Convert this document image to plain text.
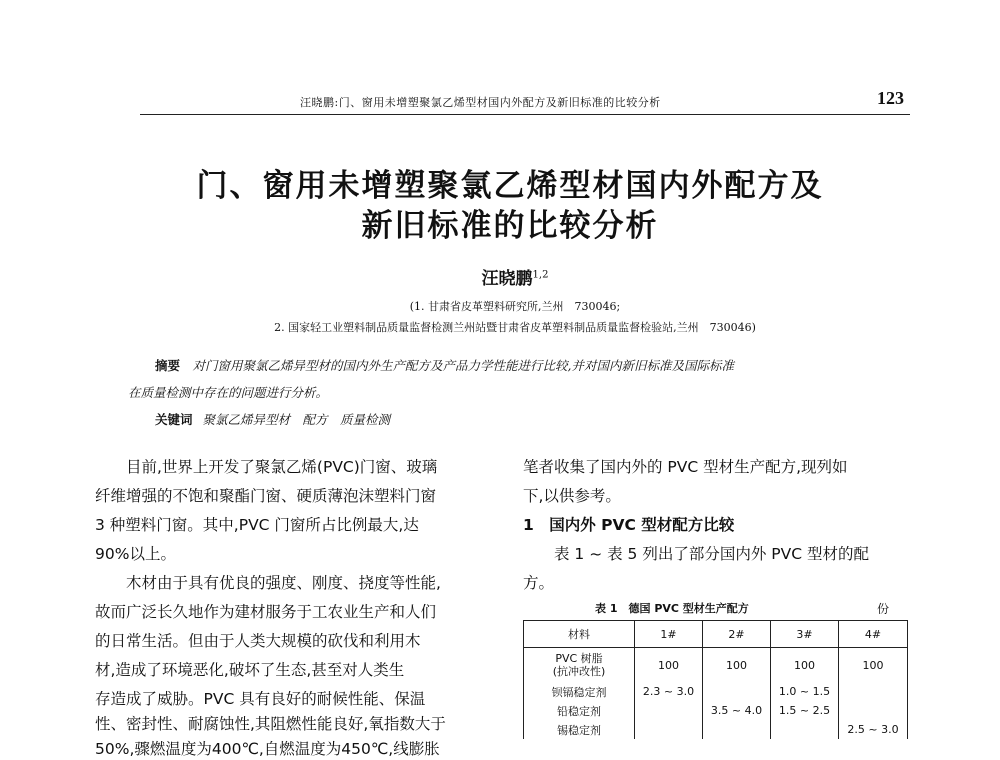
汪晓鹏:门、窗用未增塑聚氯乙烯型材国内外配方及新旧标准的比较分析	123
门、窗用未增塑聚氯乙烯型材国内外配方及
新旧标准的比较分析
汪晓鹏$^{1,2}$
(1. 甘肃省皮革塑料研究所,兰州　730046;
2. 国家轻工业塑料制品质量监督检测兰州站暨甘肃省皮革塑料制品质量监督检验站,兰州　730046)
摘要　 对门窗用聚氯乙烯异型材的国内外生产配方及产品力学性能进行比较,并对国内新旧标准及国际标准
在质量检测中存在的问题进行分析。
关键词 聚氯乙烯异型材　配方　质量检测
　　目前,世界上开发了聚氯乙烯(PVC)门窗、玻璃
纤维增强的不饱和聚酯门窗、硬质薄泡沫塑料门窗
3 种塑料门窗。其中,PVC 门窗所占比例最大,达
90%以上。
　　木材由于具有优良的强度、刚度、挠度等性能,
故而广泛长久地作为建材服务于工农业生产和人们
的日常生活。但由于人类大规模的砍伐和利用木
材,造成了环境恶化,破坏了生态,甚至对人类生
存造成了威胁。PVC 具有良好的耐候性能、保温
性、密封性、耐腐蚀性,其阻燃性能良好,氧指数大于
50%,骤燃温度为400℃,自燃温度为450℃,线膨胀
笔者收集了国内外的 PVC 型材生产配方,现列如
下,以供参考。
1　国内外 PVC 型材配方比较
　　表 1 ~ 表 5 列出了部分国内外 PVC 型材的配
方。
表 1　德国 PVC 型材生产配方	份
材料	1#	2#	3#	4#
PVC 树脂
(抗冲改性)	100	100	100	100
钡镉稳定剂	2.3 ~ 3.0		1.0 ~ 1.5	
铅稳定剂		3.5 ~ 4.0	1.5 ~ 2.5	
锡稳定剂				2.5 ~ 3.0
